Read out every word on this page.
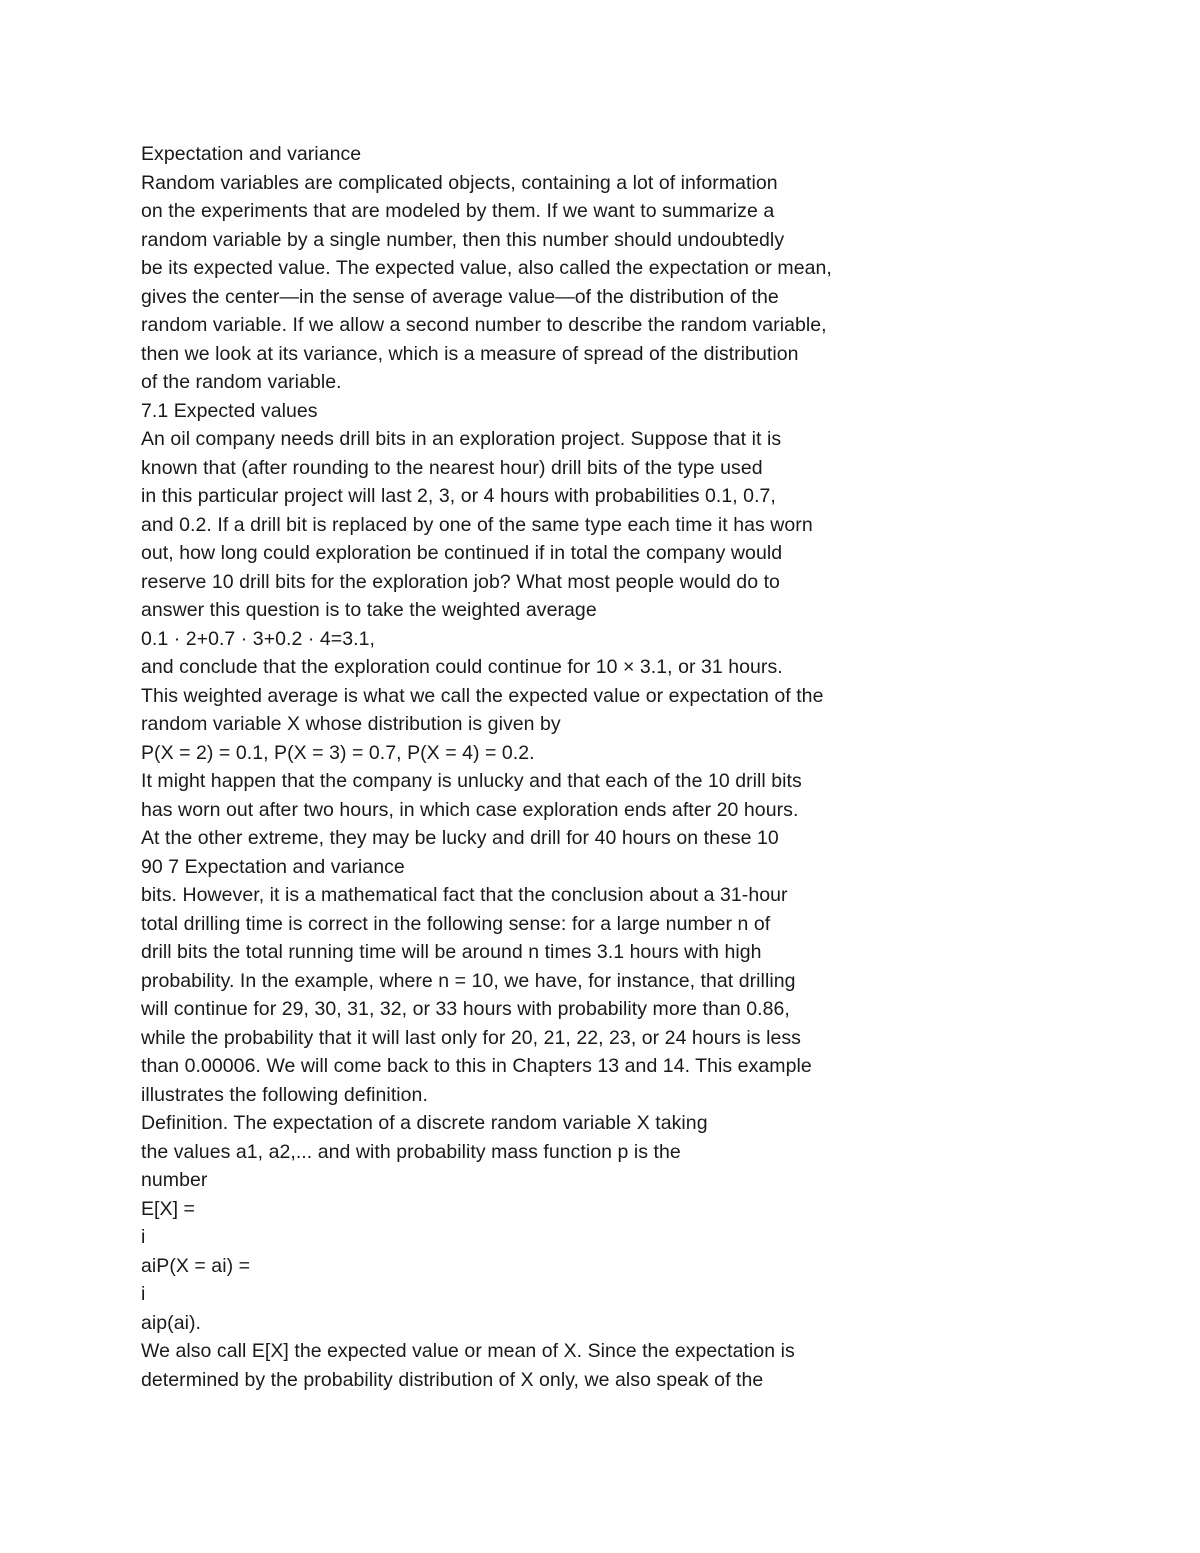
Expectation and variance
Random variables are complicated objects, containing a lot of information
on the experiments that are modeled by them. If we want to summarize a
random variable by a single number, then this number should undoubtedly
be its expected value. The expected value, also called the expectation or mean,
gives the center—in the sense of average value—of the distribution of the
random variable. If we allow a second number to describe the random variable,
then we look at its variance, which is a measure of spread of the distribution
of the random variable.
7.1 Expected values
An oil company needs drill bits in an exploration project. Suppose that it is
known that (after rounding to the nearest hour) drill bits of the type used
in this particular project will last 2, 3, or 4 hours with probabilities 0.1, 0.7,
and 0.2. If a drill bit is replaced by one of the same type each time it has worn
out, how long could exploration be continued if in total the company would
reserve 10 drill bits for the exploration job? What most people would do to
answer this question is to take the weighted average
0.1 · 2+0.7 · 3+0.2 · 4=3.1,
and conclude that the exploration could continue for 10 × 3.1, or 31 hours.
This weighted average is what we call the expected value or expectation of the
random variable X whose distribution is given by
P(X = 2) = 0.1, P(X = 3) = 0.7, P(X = 4) = 0.2.
It might happen that the company is unlucky and that each of the 10 drill bits
has worn out after two hours, in which case exploration ends after 20 hours.
At the other extreme, they may be lucky and drill for 40 hours on these 10
90 7 Expectation and variance
bits. However, it is a mathematical fact that the conclusion about a 31-hour
total drilling time is correct in the following sense: for a large number n of
drill bits the total running time will be around n times 3.1 hours with high
probability. In the example, where n = 10, we have, for instance, that drilling
will continue for 29, 30, 31, 32, or 33 hours with probability more than 0.86,
while the probability that it will last only for 20, 21, 22, 23, or 24 hours is less
than 0.00006. We will come back to this in Chapters 13 and 14. This example
illustrates the following definition.
Definition. The expectation of a discrete random variable X taking
the values a1, a2,... and with probability mass function p is the
number
E[X] =
i
aiP(X = ai) =
i
aip(ai).
We also call E[X] the expected value or mean of X. Since the expectation is
determined by the probability distribution of X only, we also speak of the
